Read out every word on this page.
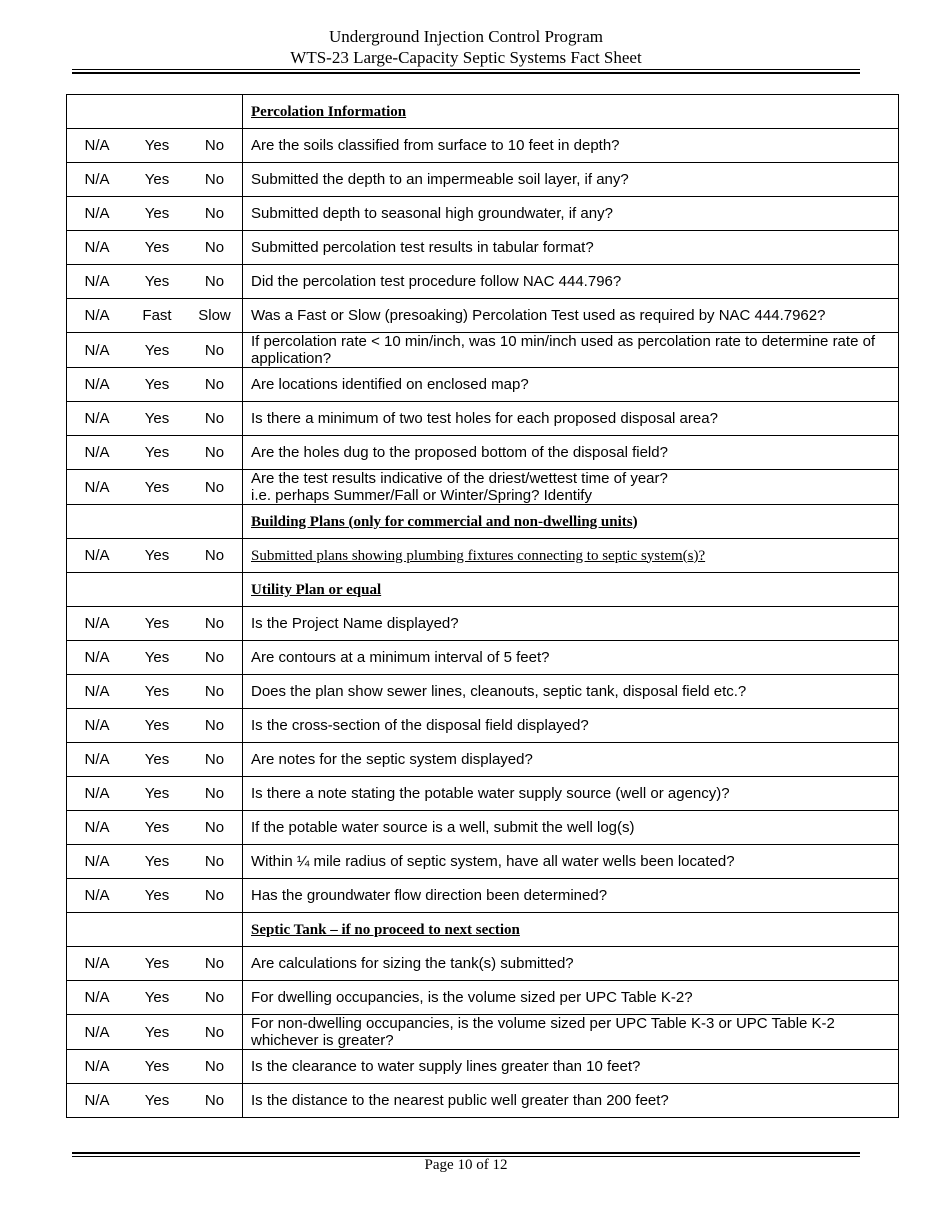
Underground Injection Control Program
WTS-23 Large-Capacity Septic Systems Fact Sheet
	Percolation Information

N/A Yes No	Are the soils classified from surface to 10 feet in depth?

N/A Yes No	Submitted the depth to an impermeable soil layer, if any?

N/A Yes No	Submitted depth to seasonal high groundwater, if any?

N/A Yes No	Submitted percolation test results in tabular format?

N/A Yes No	Did the percolation test procedure follow NAC 444.796?

N/A Fast Slow	Was a Fast or Slow (presoaking) Percolation Test used as required by NAC 444.7962?

N/A Yes No	If percolation rate < 10 min/inch, was 10 min/inch used as percolation rate to determine rate of application?

N/A Yes No	Are locations identified on enclosed map?

N/A Yes No	Is there a minimum of two test holes for each proposed disposal area?

N/A Yes No	Are the holes dug to the proposed bottom of the disposal field?

N/A Yes No	Are the test results indicative of the driest/wettest time of year?
i.e. perhaps Summer/Fall or Winter/Spring? Identify
	Building Plans (only for commercial and non-dwelling units)

N/A Yes No	Submitted plans showing plumbing fixtures connecting to septic system(s)?
	Utility Plan or equal

N/A Yes No	Is the Project Name displayed?

N/A Yes No	Are contours at a minimum interval of 5 feet?

N/A Yes No	Does the plan show sewer lines, cleanouts, septic tank, disposal field etc.?

N/A Yes No	Is the cross-section of the disposal field displayed?

N/A Yes No	Are notes for the septic system displayed?

N/A Yes No	Is there a note stating the potable water supply source (well or agency)?

N/A Yes No	If the potable water source is a well, submit the well log(s)

N/A Yes No	Within ¼ mile radius of septic system, have all water wells been located?

N/A Yes No	Has the groundwater flow direction been determined?
	Septic Tank – if no proceed to next section

N/A Yes No	Are calculations for sizing the tank(s) submitted?

N/A Yes No	For dwelling occupancies, is the volume sized per UPC Table K-2?

N/A Yes No	For non-dwelling occupancies, is the volume sized per UPC Table K-3 or UPC Table K-2 whichever is greater?

N/A Yes No	Is the clearance to water supply lines greater than 10 feet?

N/A Yes No	Is the distance to the nearest public well greater than 200 feet?
Page 10 of 12
